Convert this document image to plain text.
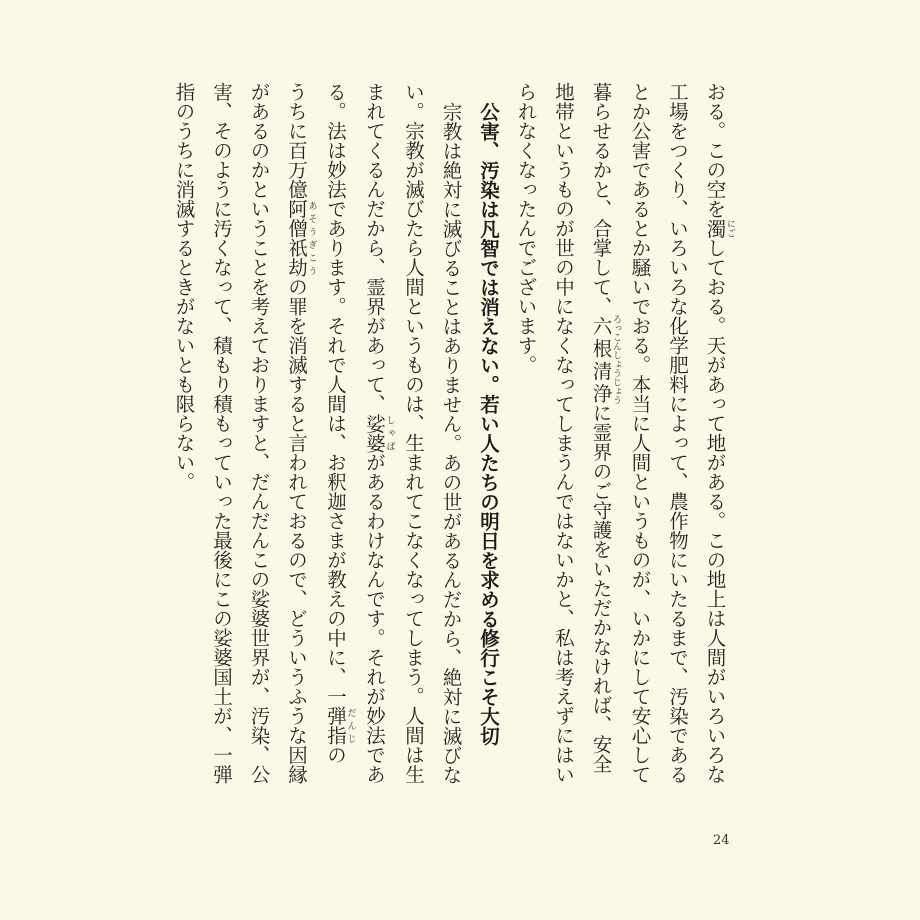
おる。この空を濁にごしておる。天があって地がある。この地上は人間がいろいろな
工場をつくり、いろいろな化学肥料によって、農作物にいたるまで、汚染である
とか公害であるとか騒いでおる。本当に人間というものが、いかにして安心して
暮らせるかと、合掌して、六根清浄ろっこんしょうじょうに霊界のご守護をいただかなければ、安全
地帯というものが世の中になくなってしまうんではないかと、私は考えずにはい
られなくなったんでございます。

公害、汚染は凡智では消えない。若い人たちの明日を求める修行こそ大切

宗教は絶対に滅びることはありません。あの世があるんだから、絶対に滅びな
い。宗教が滅びたら人間というものは、生まれてこなくなってしまう。人間は生
まれてくるんだから、霊界があって、娑婆しゃばがあるわけなんです。それが妙法であ
る。法は妙法であります。それで人間は、お釈迦さまが教えの中に、一弾指だんじの
うちに百万億阿僧祇劫あそうぎこうの罪を消滅すると言われておるので、どういうふうな因縁
があるのかということを考えておりますと、だんだんこの娑婆世界が、汚染、公
害、そのように汚くなって、積もり積もっていった最後にこの娑婆国土が、一弾
指のうちに消滅するときがないとも限らない。

24
